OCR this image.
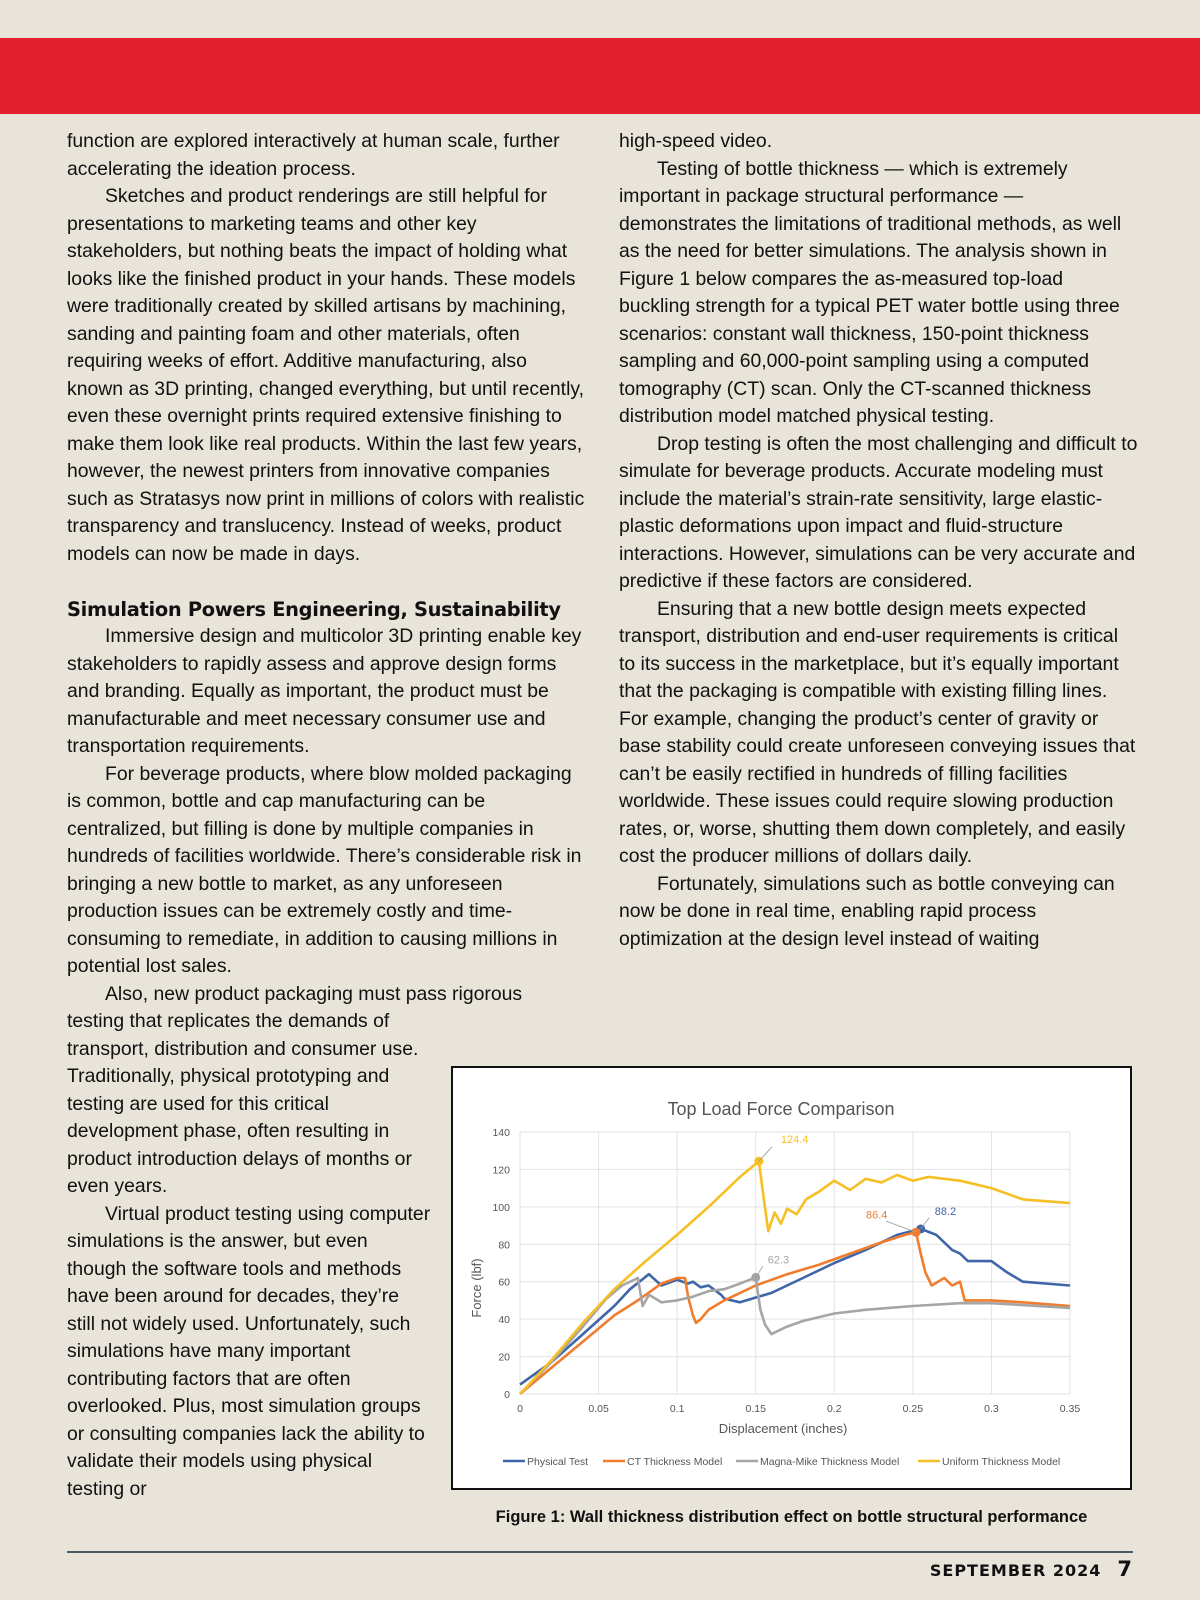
function are explored interactively at human scale, further accelerating the ideation process.

Sketches and product renderings are still helpful for presentations to marketing teams and other key stakeholders, but nothing beats the impact of holding what looks like the finished product in your hands. These models were traditionally created by skilled artisans by machining, sanding and painting foam and other materials, often requiring weeks of effort. Additive manufacturing, also known as 3D printing, changed everything, but until recently, even these overnight prints required extensive finishing to make them look like real products. Within the last few years, however, the newest printers from innovative companies such as Stratasys now print in millions of colors with realistic transparency and translucency. Instead of weeks, product models can now be made in days.

Simulation Powers Engineering, Sustainability

Immersive design and multicolor 3D printing enable key stakeholders to rapidly assess and approve design forms and branding. Equally as important, the product must be manufacturable and meet necessary consumer use and transportation requirements.

For beverage products, where blow molded packaging is common, bottle and cap manufacturing can be centralized, but filling is done by multiple companies in hundreds of facilities worldwide. There’s considerable risk in bringing a new bottle to market, as any unforeseen production issues can be extremely costly and time-consuming to remediate, in addition to causing millions in potential lost sales.

Also, new product packaging must pass rigorous

testing that replicates the demands of transport, distribution and consumer use. Traditionally, physical prototyping and testing are used for this critical development phase, often resulting in product introduction delays of months or even years.

Virtual product testing using computer simulations is the answer, but even though the software tools and methods have been around for decades, they’re still not widely used. Unfortunately, such simulations have many important contributing factors that are often overlooked. Plus, most simulation groups or consulting companies lack the ability to validate their models using physical testing or

high-speed video.

Testing of bottle thickness — which is extremely important in package structural performance — demonstrates the limitations of traditional methods, as well as the need for better simulations. The analysis shown in Figure 1 below compares the as-measured top-load buckling strength for a typical PET water bottle using three scenarios: constant wall thickness, 150-point thickness sampling and 60,000-point sampling using a computed tomography (CT) scan. Only the CT-scanned thickness distribution model matched physical testing.

Drop testing is often the most challenging and difficult to simulate for beverage products. Accurate modeling must include the material’s strain-rate sensitivity, large elastic-plastic deformations upon impact and fluid-structure interactions. However, simulations can be very accurate and predictive if these factors are considered.

Ensuring that a new bottle design meets expected transport, distribution and end-user requirements is critical to its success in the marketplace, but it’s equally important that the packaging is compatible with existing filling lines. For example, changing the product’s center of gravity or base stability could create unforeseen conveying issues that can’t be easily rectified in hundreds of filling facilities worldwide. These issues could require slowing production rates, or, worse, shutting them down completely, and easily cost the producer millions of dollars daily.

Fortunately, simulations such as bottle conveying can now be done in real time, enabling rapid process optimization at the design level instead of waiting

Top Load Force Comparison
0	0.05	0.1	0.15	0.2	0.25	0.3	0.35
0
20
40
60
80
100
120
140
Displacement (inches)
Force (lbf)
124.4
88.2
86.4
62.3
Physical Test	CT Thickness Model	Magna-Mike Thickness Model	Uniform Thickness Model
Figure 1: Wall thickness distribution effect on bottle structural performance
SEPTEMBER 2024 7
